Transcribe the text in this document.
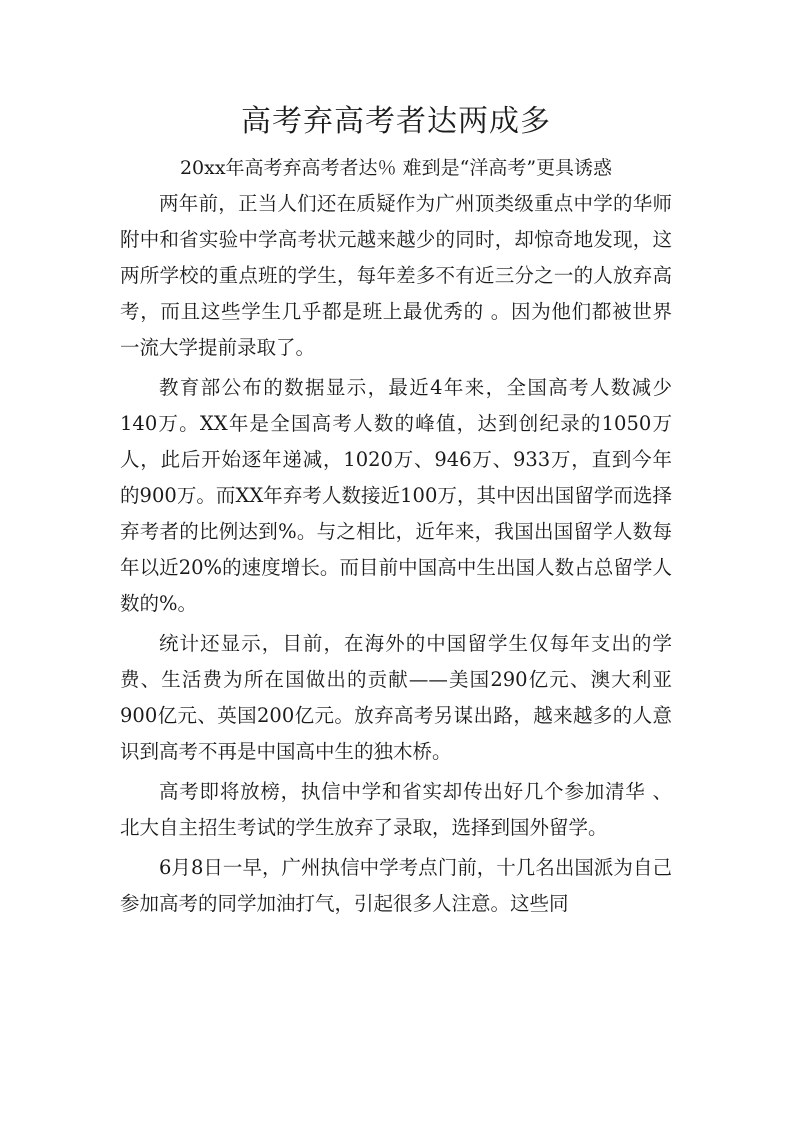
高考弃高考者达两成多

20xx年高考弃高考者达％ 难到是“洋高考”更具诱惑

两年前，正当人们还在质疑作为广州顶类级重点中学的华师附中和省实验中学高考状元越来越少的同时，却惊奇地发现，这两所学校的重点班的学生，每年差多不有近三分之一的人放弃高考，而且这些学生几乎都是班上最优秀的 。因为他们都被世界一流大学提前录取了。

教育部公布的数据显示，最近4年来，全国高考人数减少140万。XX年是全国高考人数的峰值，达到创纪录的1050万人，此后开始逐年递减，1020万、946万、933万，直到今年的900万。而XX年弃考人数接近100万，其中因出国留学而选择弃考者的比例达到%。与之相比，近年来，我国出国留学人数每年以近20%的速度增长。而目前中国高中生出国人数占总留学人数的%。

统计还显示，目前，在海外的中国留学生仅每年支出的学费、生活费为所在国做出的贡献——美国290亿元、澳大利亚900亿元、英国200亿元。放弃高考另谋出路，越来越多的人意识到高考不再是中国高中生的独木桥。

高考即将放榜，执信中学和省实却传出好几个参加清华 、北大自主招生考试的学生放弃了录取，选择到国外留学。

6月8日一早，广州执信中学考点门前，十几名出国派为自己参加高考的同学加油打气，引起很多人注意。这些同
